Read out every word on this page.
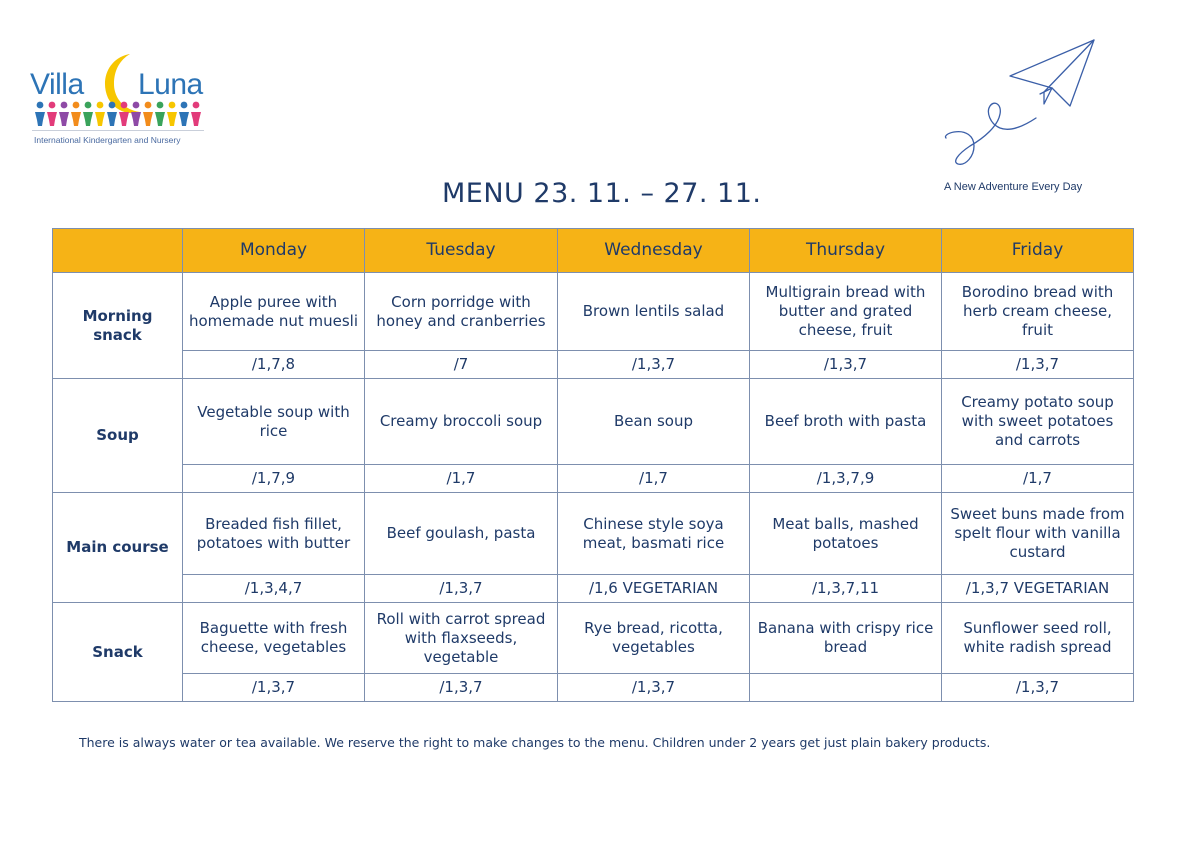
Villa Luna
International Kindergarten and Nursery
A New Adventure Every Day
MENU 23. 11. – 27. 11.
	Monday	Tuesday	Wednesday	Thursday	Friday
Morning snack	Apple puree with homemade nut muesli	Corn porridge with honey and cranberries	Brown lentils salad	Multigrain bread with butter and grated cheese, fruit	Borodino bread with herb cream cheese, fruit
	/1,7,8	/7	/1,3,7	/1,3,7	/1,3,7
Soup	Vegetable soup with rice	Creamy broccoli soup	Bean soup	Beef broth with pasta	Creamy potato soup with sweet potatoes and carrots
	/1,7,9	/1,7	/1,7	/1,3,7,9	/1,7
Main course	Breaded fish fillet, potatoes with butter	Beef goulash, pasta	Chinese style soya meat, basmati rice	Meat balls, mashed potatoes	Sweet buns made from spelt flour with vanilla custard
	/1,3,4,7	/1,3,7	/1,6 VEGETARIAN	/1,3,7,11	/1,3,7 VEGETARIAN
Snack	Baguette with fresh cheese, vegetables	Roll with carrot spread with flaxseeds, vegetable	Rye bread, ricotta, vegetables	Banana with crispy rice bread	Sunflower seed roll, white radish spread
	/1,3,7	/1,3,7	/1,3,7		/1,3,7

There is always water or tea available. We reserve the right to make changes to the menu. Children under 2 years get just plain bakery products.
